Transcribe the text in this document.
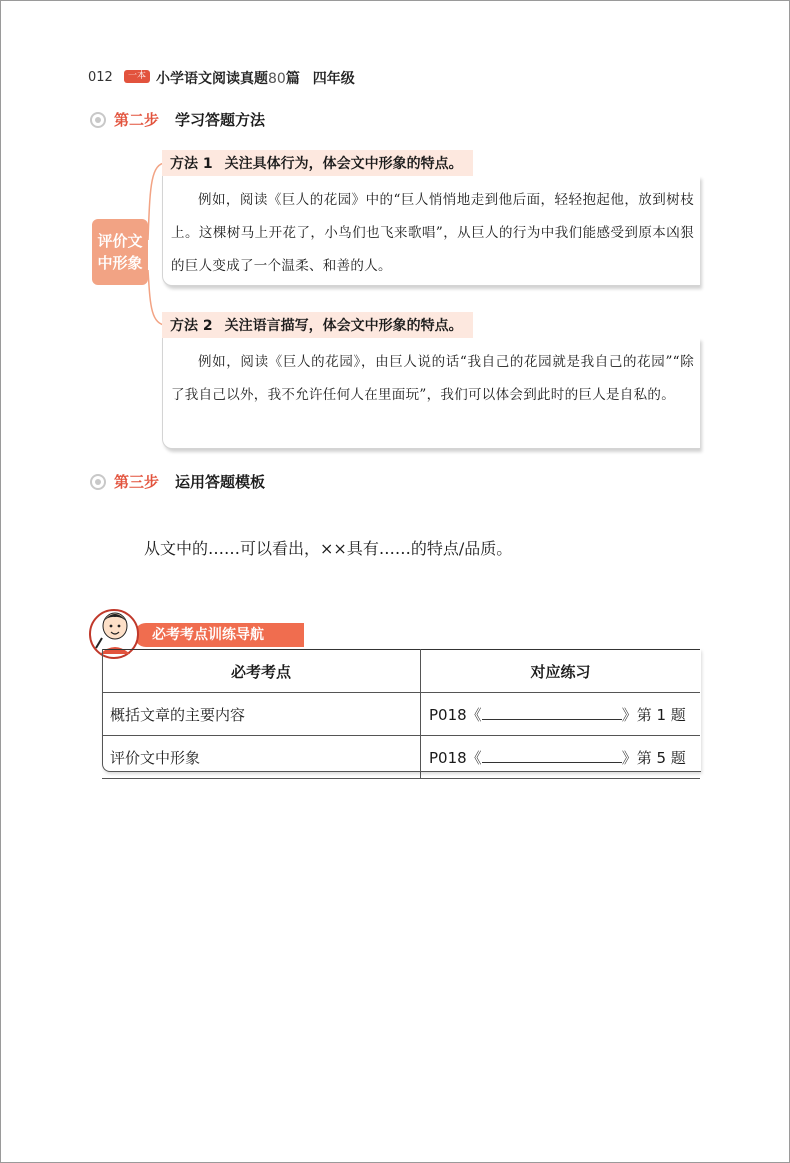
012	一本 小学语文阅读真题80篇 四年级
第二步 学习答题方法
评价文
中形象
方法 1 关注具体行为，体会文中形象的特点。
例如，阅读《巨人的花园》中的“巨人悄悄地走到他后面，轻轻抱起他，放到树枝上。这棵树马上开花了，小鸟们也飞来歌唱”，从巨人的行为中我们能感受到原本凶狠的巨人变成了一个温柔、和善的人。
方法 2 关注语言描写，体会文中形象的特点。
例如，阅读《巨人的花园》，由巨人说的话“我自己的花园就是我自己的花园”“除了我自己以外，我不允许任何人在里面玩”，我们可以体会到此时的巨人是自私的。
第三步 运用答题模板
从文中的……可以看出，××具有……的特点/品质。
必考考点训练导航
必考考点	对应练习
概括文章的主要内容	P018《 》第 1 题
评价文中形象	P018《 》第 5 题
